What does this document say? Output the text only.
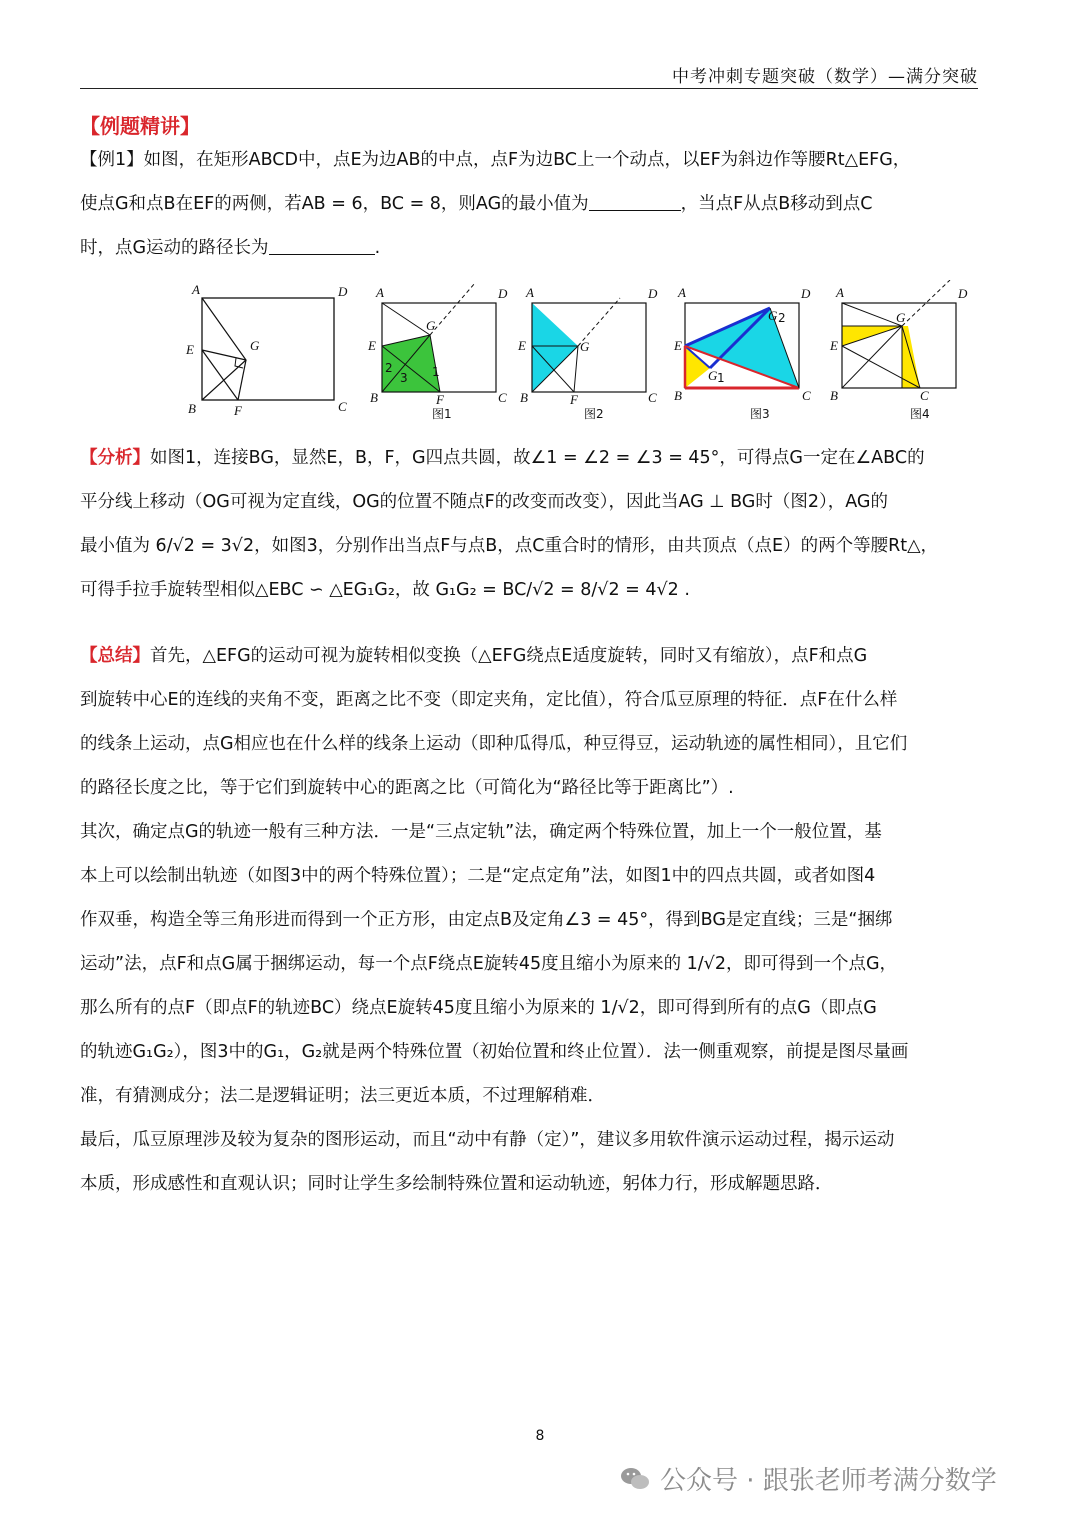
中考冲刺专题突破（数学）—满分突破
【例题精讲】
【例1】如图，在矩形ABCD中，点E为边AB的中点，点F为边BC上一个动点，以EF为斜边作等腰Rt△EFG，
使点G和点B在EF的两侧，若AB = 6，BC = 8，则AG的最小值为	，当点F从点B移动到点C
时，点G运动的路径长为	.
A	D
E	G
B	F	C
A	D
E
G
B	F	C
2
3 1
图1
A	D
E	G
B	F	C
图2
A	D
E
G 2
G 1
B	C
图3
A	D
E
G
B	C
图4
【分析】如图1，连接BG，显然E，B，F，G四点共圆，故∠1 = ∠2 = ∠3 = 45°，可得点G一定在∠ABC的
平分线上移动（OG可视为定直线，OG的位置不随点F的改变而改变），因此当AG ⊥ BG时（图2），AG的
最小值为 6/√2 = 3√2，如图3，分别作出当点F与点B，点C重合时的情形，由共顶点（点E）的两个等腰Rt△，
可得手拉手旋转型相似△EBC ∽ △EG₁G₂，故 G₁G₂ = BC/√2 = 8/√2 = 4√2 .
【总结】首先，△EFG的运动可视为旋转相似变换（△EFG绕点E适度旋转，同时又有缩放），点F和点G
到旋转中心E的连线的夹角不变，距离之比不变（即定夹角，定比值），符合瓜豆原理的特征．点F在什么样
的线条上运动，点G相应也在什么样的线条上运动（即种瓜得瓜，种豆得豆，运动轨迹的属性相同），且它们
的路径长度之比，等于它们到旋转中心的距离之比（可简化为“路径比等于距离比”）.
其次，确定点G的轨迹一般有三种方法．一是“三点定轨”法，确定两个特殊位置，加上一个一般位置，基
本上可以绘制出轨迹（如图3中的两个特殊位置）；二是“定点定角”法，如图1中的四点共圆，或者如图4
作双垂，构造全等三角形进而得到一个正方形，由定点B及定角∠3 = 45°，得到BG是定直线；三是“捆绑
运动”法，点F和点G属于捆绑运动，每一个点F绕点E旋转45度且缩小为原来的 1/√2，即可得到一个点G，
那么所有的点F（即点F的轨迹BC）绕点E旋转45度且缩小为原来的 1/√2，即可得到所有的点G（即点G
的轨迹G₁G₂），图3中的G₁，G₂就是两个特殊位置（初始位置和终止位置）．法一侧重观察，前提是图尽量画
准，有猜测成分；法二是逻辑证明；法三更近本质，不过理解稍难．
最后，瓜豆原理涉及较为复杂的图形运动，而且“动中有静（定）”，建议多用软件演示运动过程，揭示运动
本质，形成感性和直观认识；同时让学生多绘制特殊位置和运动轨迹，躬体力行，形成解题思路．
8
公众号 · 跟张老师考满分数学
